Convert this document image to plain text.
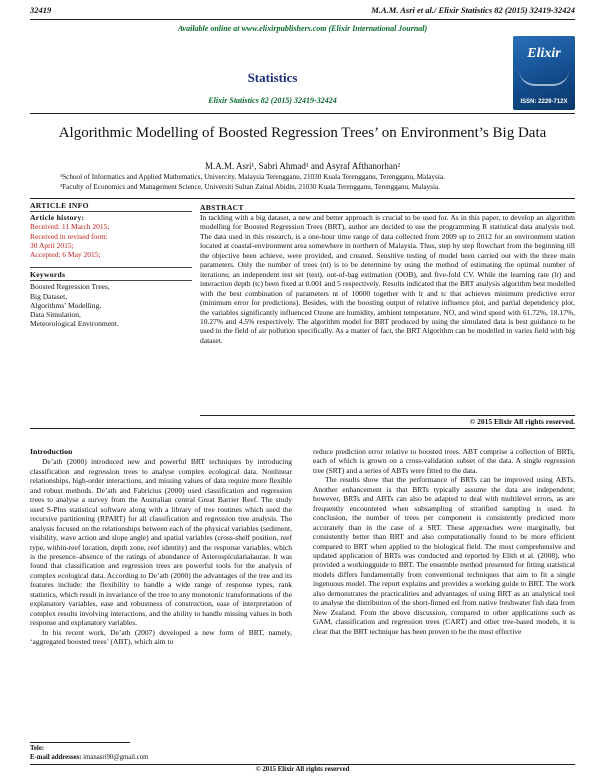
32419	M.A.M. Asri et al./ Elixir Statistics 82 (2015) 32419-32424
Available online at www.elixirpublishers.com (Elixir International Journal)
Statistics
Elixir Statistics 82 (2015) 32419-32424
Elixir
ISSN: 2229-712X
Algorithmic Modelling of Boosted Regression Trees’ on Environment’s Big Data
M.A.M. Asri¹, Sabri Ahmad¹ and Asyraf Afthanorhan²
¹School of Informatics and Applied Mathematics, Univercity, Malaysia Terengganu, 21030 Kuala Terengganu, Terengganu, Malaysia.
²Faculty of Economics and Management Science, Universiti Sultan Zainal Abidin, 21030 Kuala Terengganu, Terengganu, Malaysia.
ARTICLE INFO
Article history:
Received: 11 March 2015;
Received in revised form:
30 April 2015;
Accepted: 6 May 2015;
Keywords
Boosted Regression Trees,
Big Dataset,
Algorithms’ Modelling,
Data Simulation,
Meteorological Environment.
ABSTRACT
In tackling with a big dataset, a new and better approach is crucial to be used for. As in this paper, to develop an algorithm modelling for Boosted Regression Trees (BRT), author are decided to use the programming R statistical data analysis tool. The data used in this research, is a one-hour time range of data collected from 2009 up to 2012 for an environment station located at coastal-environment area somewhere in northern of Malaysia. Thus, step by step flowchart from the beginning till the objective been achieve, were provided, and created. Sensitive testing of model been carried out with the three main parameters. Only the number of trees (nt) is to be determine by using the method of estimating the optimal number of iterations; an independent test set (test), out-of-bag estimation (OOB), and five-fold CV. While the learning rate (lr) and interaction depth (tc) been fixed at 0.001 and 5 respectively. Results indicated that the BRT analysis algorithm best modelled with the best combination of parameters nt of 10000 together with lr and tc that achieves minimum predictive error (minimum error for predictions). Besides, with the boosting output of relative influence plot, and partial dependency plot, the variables significantly influenced Ozone are humidity, ambient temperature, NO, and wind speed with 61.72%, 18.17%, 10.27% and 4.5% respectively. The algorithm model for BRT produced by using the simulated data is best guidance to be used in the field of air pollution specifically. As a matter of fact, the BRT Algorithm can be modelled in varies field with big dataset.
© 2015 Elixir All rights reserved.
Introduction

De’ath (2000) introduced new and powerful BRT techniques by introducing classification and regression trees to analyse complex ecological data. Nonlinear relationships, high-order interactions, and missing values of data require more flexible and robust methods. De’ath and Fabricius (2000) used classification and regression trees to analyse a survey from the Australian central Great Barrier Reef. The study used S-Plus statistical software along with a library of tree routines which used the recursive partitioning (RPART) for all classification and regression tree analysis. The analysis focused on the relationships between each of the physical variables (sediment, visibility, wave action and slope angle) and spatial variables (cross-shelf position, reef type, within-reef location, depth zone, reef identity) and the response variables, which is the presence–absence of the ratings of abundance of Asterospicularialaurae. It was found that classification and regression trees are powerful tools for the analysis of complex ecological data. According to De’ath (2000) the advantages of the tree and its features include: the flexibility to handle a wide range of response types, rank statistics, which result in invariance of the tree to any monotonic transformations of the explanatory variables, ease and robustness of construction, ease of interpretation of complex results involving interactions, and the ability to handle missing values in both response and explanatory variables.

In his recent work, De’ath (2007) developed a new form of BRT, namely, ‘aggregated boosted trees’ (ABT), which aim to

reduce prediction error relative to boosted trees. ABT comprise a collection of BRTs, each of which is grown on a cross-validation subset of the data. A single regression tree (SRT) and a series of ABTs were fitted to the data.

The results show that the performance of BRTs can be improved using ABTs. Another enhancement is that BRTs typically assume the data are independent; however, BRTs and ABTs can also be adapted to deal with multilevel errors, as are frequently encountered when subsampling of stratified sampling is used. In conclusion, the number of trees per component is consistently predicted more accurately than in the case of a SRT. These approaches were marginally, but consistently better than BRT and also computationally found to be more efficient compared to BRT when applied to the biological field. The most comprehensive and updated application of BRTs was conducted and reported by Elith et al. (2008), who provided a workingguide to BRT. The ensemble method presented for fitting statistical models differs fundamentally from conventional techniques that aim to fit a single ingenuous model. The report explains and provides a working guide to BRT. The work also demonstrates the practicalities and advantages of using BRT as an analytical tool to analyse the distribution of the short-finned eel from native freshwater fish data from New Zealand. From the above discussion, compared to other applications such as GAM, classification and regression trees (CART) and other tree-based models, it is clear that the BRT technique has been proven to be the most effective

Tele:
E-mail addresses: imanasri90@gmail.com
© 2015 Elixir All rights reserved
